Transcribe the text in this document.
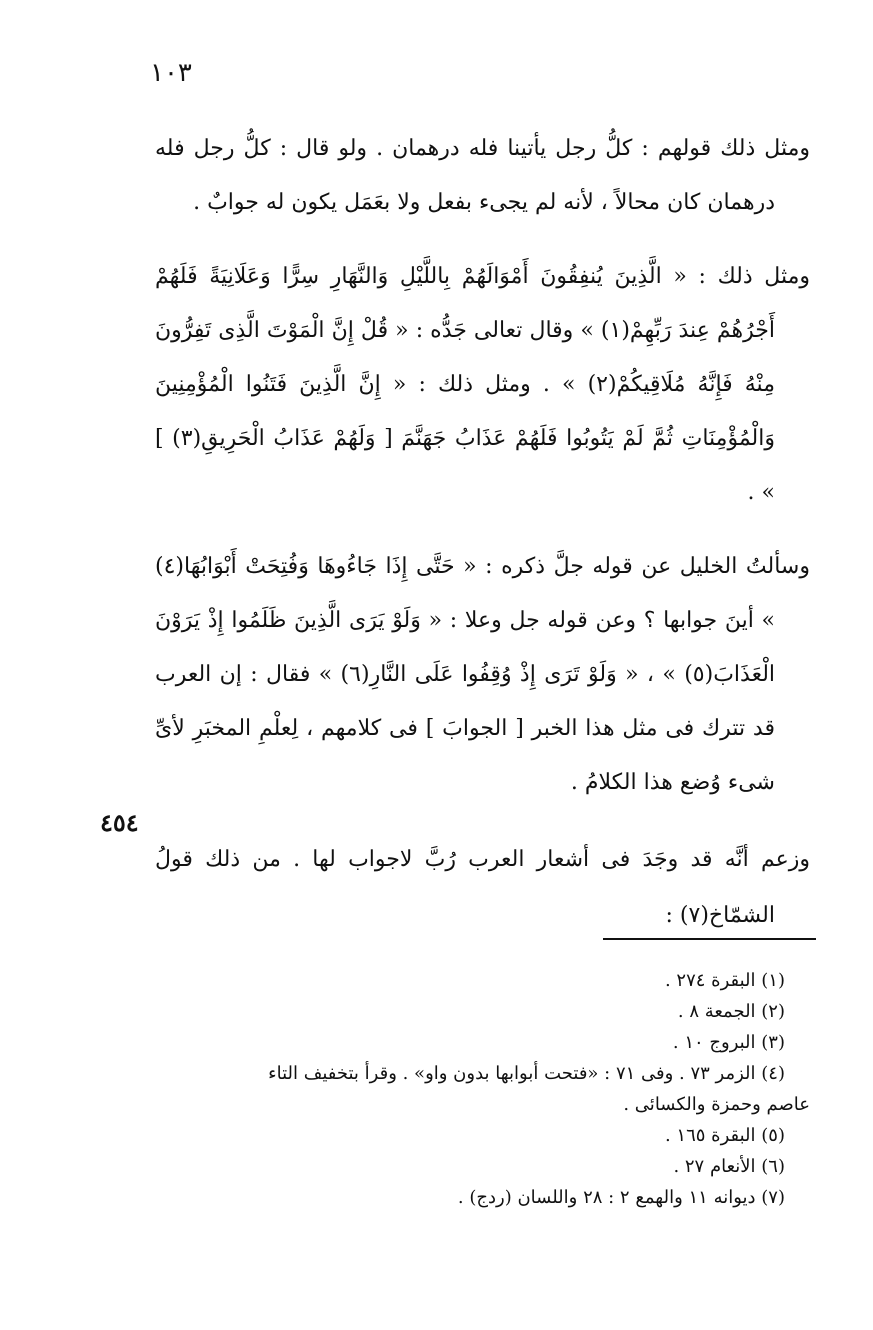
١٠٣
٤٥٤

ومثل ذلك قولهم : كلُّ رجل يأتينا فله درهمان . ولو قال : كلُّ رجل فله درهمان كان محالاً ، لأنه لم يجىء بفعل ولا بعَمَل يكون له جوابٌ .

ومثل ذلك : « الَّذِينَ يُنفِقُونَ أَمْوَالَهُمْ بِاللَّيْلِ وَالنَّهَارِ سِرًّا وَعَلَانِيَةً فَلَهُمْ أَجْرُهُمْ عِندَ رَبِّهِمْ(١) » وقال تعالى جَدُّه : « قُلْ إِنَّ الْمَوْتَ الَّذِى تَفِرُّونَ مِنْهُ فَإِنَّهُ مُلَاقِيكُمْ(٢) » . ومثل ذلك : « إِنَّ الَّذِينَ فَتَنُوا الْمُؤْمِنِينَ وَالْمُؤْمِنَاتِ ثُمَّ لَمْ يَتُوبُوا فَلَهُمْ عَذَابُ جَهَنَّمَ [ وَلَهُمْ عَذَابُ الْحَرِيقِ(٣) ] » .

وسألتُ الخليل عن قوله جلَّ ذكره : « حَتَّى إِذَا جَاءُوهَا وَفُتِحَتْ أَبْوَابُهَا(٤) » أينَ جوابها ؟ وعن قوله جل وعلا : « وَلَوْ يَرَى الَّذِينَ ظَلَمُوا إِذْ يَرَوْنَ الْعَذَابَ(٥) » ، « وَلَوْ تَرَى إِذْ وُقِفُوا عَلَى النَّارِ(٦) » فقال : إن العرب قد تترك فى مثل هذا الخبر [ الجوابَ ] فى كلامهم ، لِعلْمِ المخبَرِ لأىِّ شىء وُضع هذا الكلامُ .

وزعم أنَّه قد وجَدَ فى أشعار العرب رُبَّ لاجواب لها . من ذلك قولُ الشمّاخ(٧) :

(١) البقرة ٢٧٤ .

(٢) الجمعة ٨ .

(٣) البروج ١٠ .

(٤) الزمر ٧٣ . وفى ٧١ : «فتحت أبوابها بدون واو» . وقرأ بتخفيف التاء

عاصم وحمزة والكسائى .

(٥) البقرة ١٦٥ .

(٦) الأنعام ٢٧ .

(٧) ديوانه ١١ والهمع ٢ : ٢٨ واللسان (ردج) .
